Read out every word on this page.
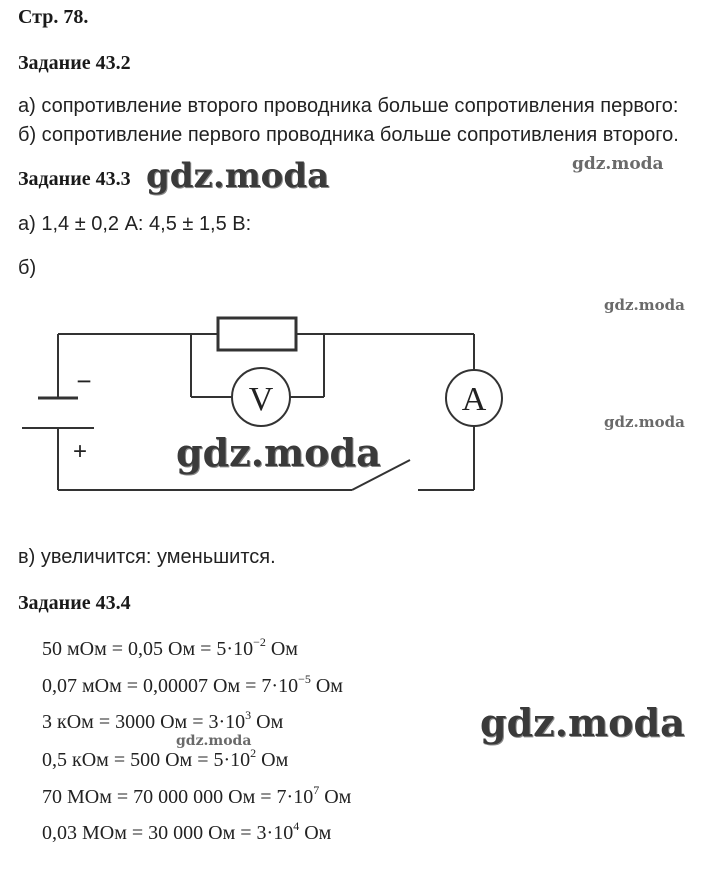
Стр. 78.
Задание 43.2
а) сопротивление второго проводника больше сопротивления первого:
б) сопротивление первого проводника больше сопротивления второго.
Задание 43.3
а) 1,4 ± 0,2 А: 4,5 ± 1,5 В:
б)
в) увеличится: уменьшится.
Задание 43.4
50 мОм = 0,05 Ом = $5\cdot 10^{-2}$ Ом
0,07 мОм = 0,00007 Ом = $7\cdot 10^{-5}$ Ом
3 кОм = 3000 Ом = $3\cdot 10^3$ Ом
0,5 кОм = 500 Ом = $5\cdot 10^2$ Ом
70 МОм = 70 000 000 Ом = $7\cdot 10^7$ Ом
0,03 МОм = 30 000 Ом = $3\cdot 10^4$ Ом
V	A
−
+
gdz.moda
gdz.moda
gdz.moda
gdz.moda
gdz.moda
gdz.moda
gdz.moda
